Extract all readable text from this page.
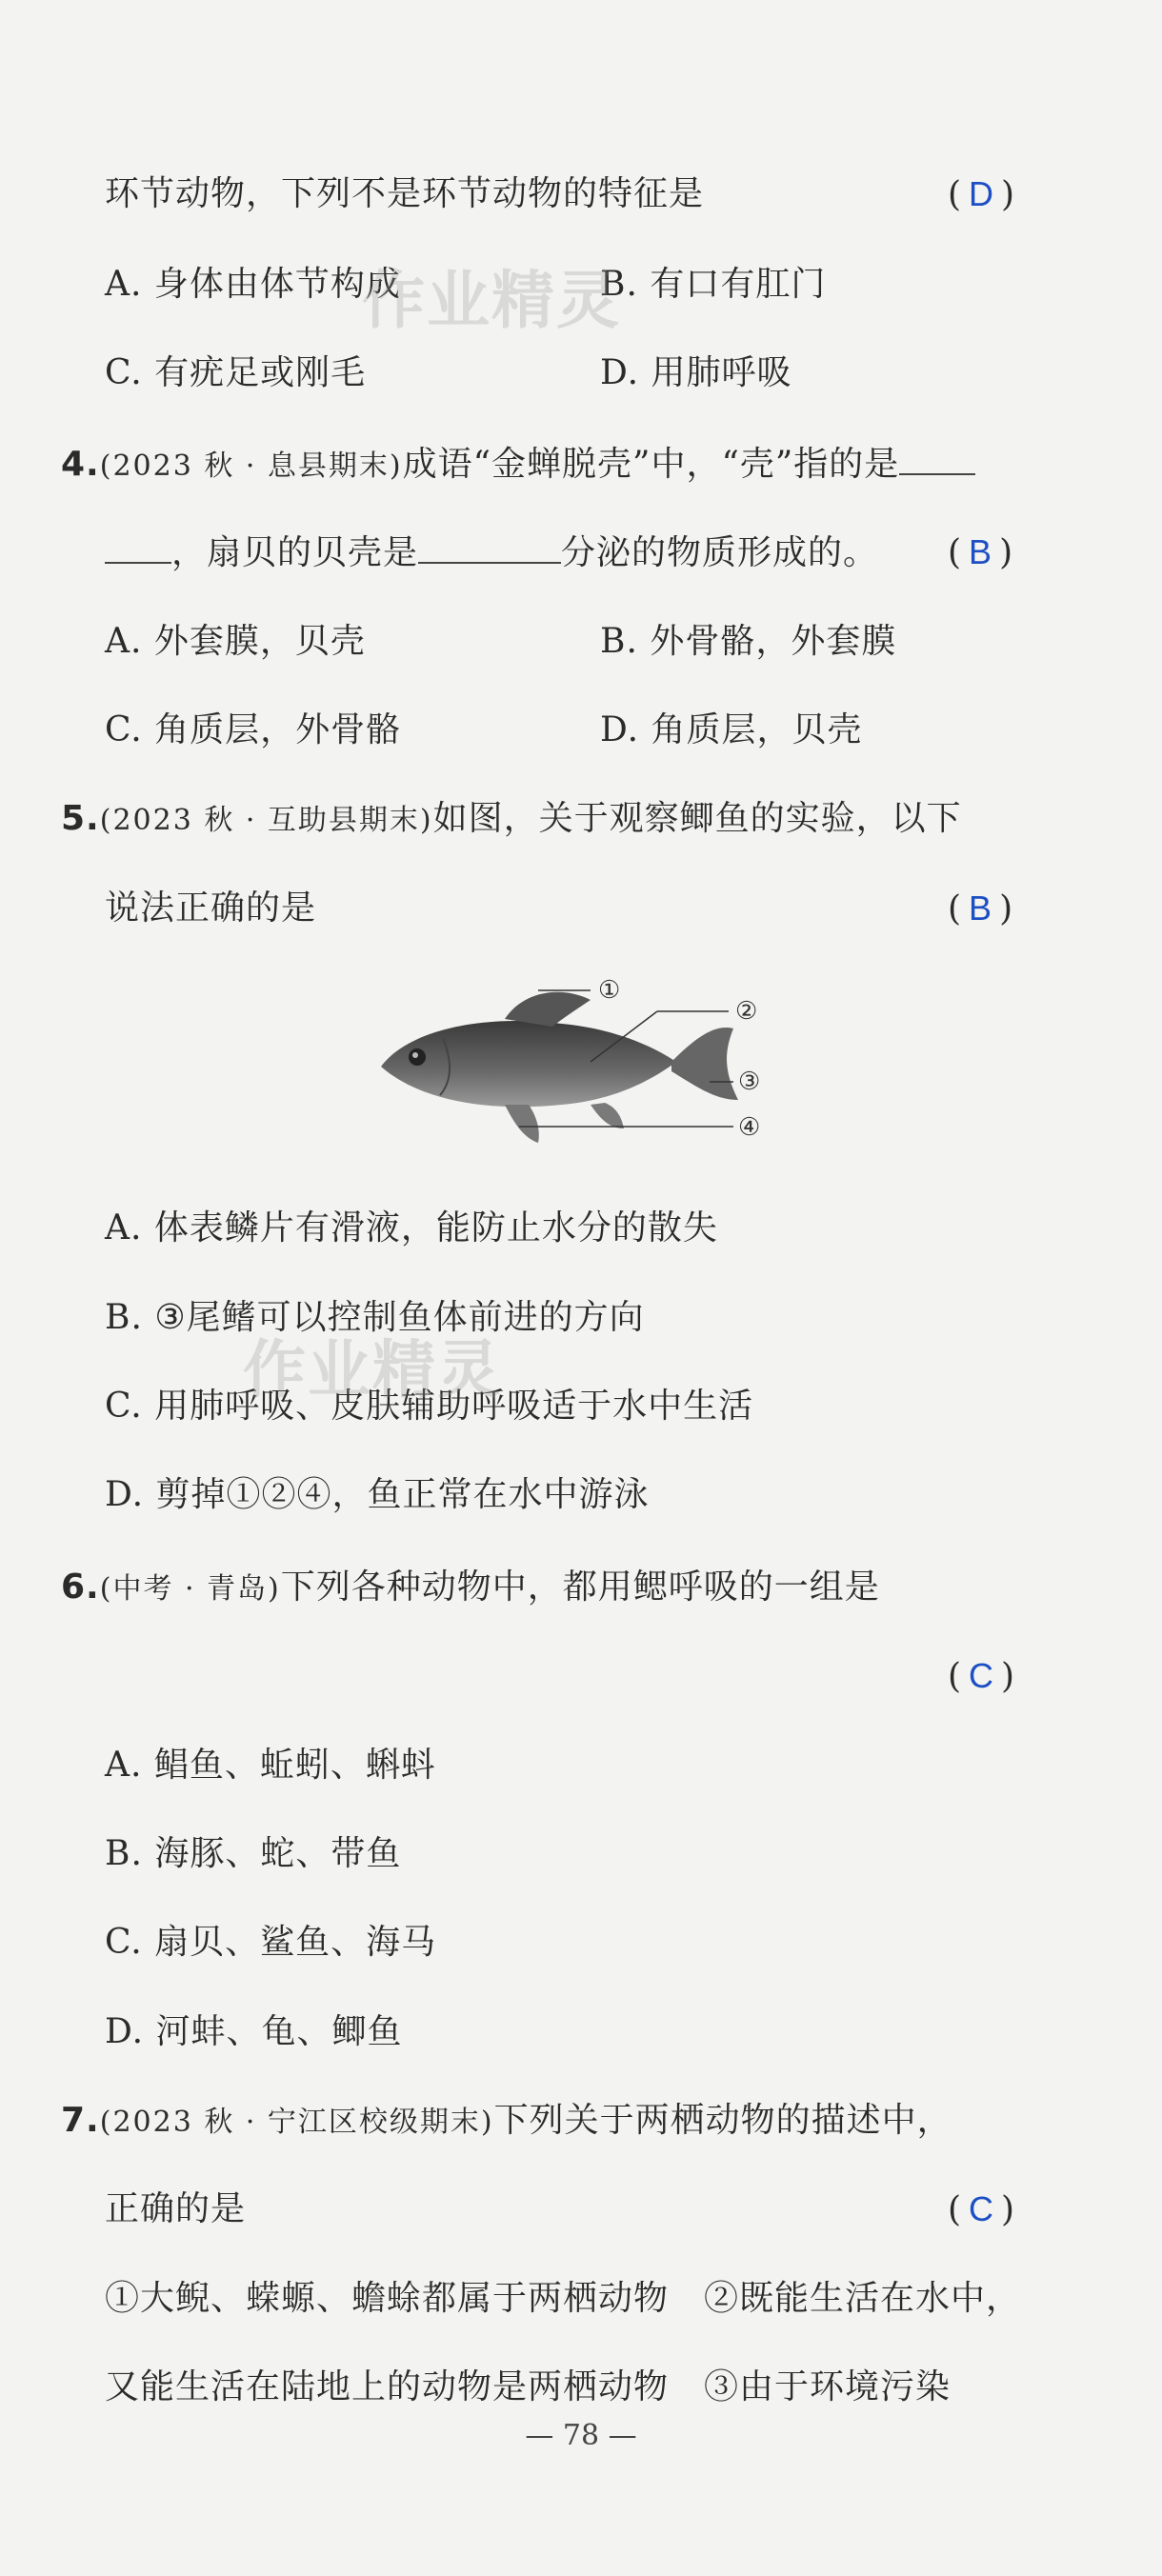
环节动物，下列不是环节动物的特征是	(D)
A. 身体由体节构成	B. 有口有肛门
C. 有疣足或刚毛	D. 用肺呼吸
作业精灵
4.(2023 秋 · 息县期末)成语“金蝉脱壳”中，“壳”指的是
，扇贝的贝壳是	分泌的物质形成的。 (B)
A. 外套膜，贝壳	B. 外骨骼，外套膜
C. 角质层，外骨骼	D. 角质层，贝壳
5.(2023 秋 · 互助县期末)如图，关于观察鲫鱼的实验，以下
说法正确的是	(B)
①
②
③
④
A. 体表鳞片有滑液，能防止水分的散失
B. ③尾鳍可以控制鱼体前进的方向
C. 用肺呼吸、皮肤辅助呼吸适于水中生活
D. 剪掉①②④，鱼正常在水中游泳
作业精灵
6.(中考 · 青岛)下列各种动物中，都用鳃呼吸的一组是
(C)
A. 鲳鱼、蚯蚓、蝌蚪
B. 海豚、蛇、带鱼
C. 扇贝、鲨鱼、海马
D. 河蚌、龟、鲫鱼
7.(2023 秋 · 宁江区校级期末)下列关于两栖动物的描述中，
正确的是	(C)
①大鲵、蝾螈、蟾蜍都属于两栖动物　②既能生活在水中，
又能生活在陆地上的动物是两栖动物　③由于环境污染
— 78 —
